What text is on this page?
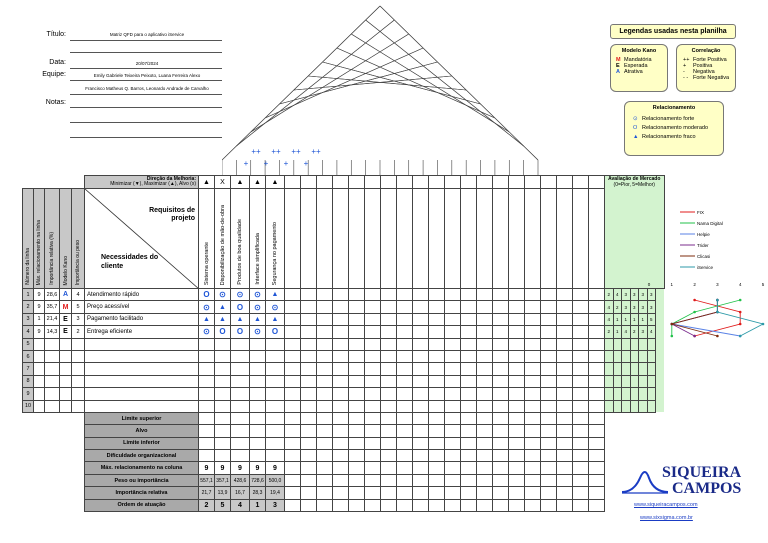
Título:	Matriz QFD para o aplicativo iService
Data:	20/07/2024
Equipe:	Emily Gabriele Teixeira Peixoto, Luana Ferreira Alexo
Francisco Matheus Q. Barros, Leonardo Andrade de Carvalho
Notas:
+
++ ++
+
++
+
++
+
Legendas usadas nesta planilha
Modelo Kano
M Mandatória
E Esperada
A Atrativa
Correlação
++ Forte Positiva
+ Positiva
- Negativa
- - Forte Negativa
Relacionamento
⊙ Relacionamento forte
O Relacionamento moderado
▲ Relacionamento fraco
					Direção da Melhoria:
Minimizar (▼), Maximizar (▲), Alvo (x)	▲	X	▲	▲	▲																					Avaliação de Mercado
(0=Pior, 5=Melhor)						

Número da linha	Máx. relacionamento na linha	Importância relativa (%)	Modelo Kano	Importância ou peso	Requisitos de projeto
Necessidades do cliente	Sistema operante	Disponibilização de mão-de-obra	Produtos de boa qualidade	Interface simplificada	Segurança no pagamento																											

1	9	28,6	A	4	Atendimento rápido	O	⊙	⊙	⊙	▲																					2	4	3	3	3	3	
2	9	35,7	M	5	Preço acessível	⊙	▲	O	⊙	⊙																					4	2	3	3	3	3	
3	1	21,4	E	3	Pagamento facilitado	▲	▲	▲	▲	▲																					4	1	1	1	1	5	
4	9	14,3	E	2	Entrega eficiente	⊙	O	O	⊙	O																					2	1	4	2	3	4	
5																																					
6																																					
7																																					
8																																					
9																																					
10																																					
					Limite superior																																
					Alvo																																
					Limite inferior																																
					Dificuldade organizacional																																
					Máx. relacionamento na coluna	9	9	9	9	9																											
					Peso ou importância	557,1	357,1	428,6	728,6	500,0																											
					Importância relativa	21,7	13,9	16,7	28,3	19,4																											
					Ordem de atuação	2	5	4	1	3																											
FIX
Nama Digital
Helpie
Trider
Clicasi
iService
0	1	2	3	4	5
SIQUEIRA
CAMPOS
www.siqueiracampos.com
www.sixsigma.com.br
